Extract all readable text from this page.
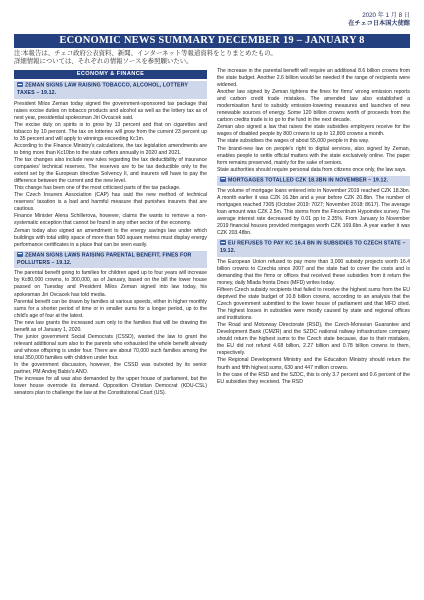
2020 年 1 月 8 日
在チェコ日本国大使館
ECONOMIC NEWS SUMMARY DECEMBER 19 – JANUARY 8
注:本報告は、チェコ政府公表資料、新聞、インターネット等報道資料をとりまとめたもの。
詳細情報については、それぞれの情報ソースを参照願いたい。
ECONOMY & FINANCE
ZEMAN SIGNS LAW RAISING TOBACCO, ALCOHOL, LOTTERY TAXES – 19.12.

President Milos Zeman today signed the government-sponsored tax package that raises excise duties on tobacco products and alcohol as well as the lottery tax as of next year, presidential spokesman Jiri Ovcacek said.

The excise duty on spirits is to grow by 13 percent and that on cigarettes and tobacco by 10 percent. The tax on lotteries will grow from the current 23 percent up to 35 percent and will apply to winnings exceeding Kc1m.

According to the Finance Ministry's calculations, the tax legislation amendments are to bring more than Kc10bn to the state coffers annually in 2020 and 2021.

The tax changes also include new rules regarding the tax deductibility of insurance companies' technical reserves. The reserves are to be tax deductible only to the extent set by the European directive Solvency II, and insurers will have to pay the difference between the current and the new level.

This change has been one of the most criticised parts of the tax package.

The Czech Insurers Association (CAP) has said the new method of technical reserves' taxation is a bad and harmful measure that punishes insurers that are cautious.

Finance Minister Alena Schillerova, however, claims the wants to remove a non-systematic exception that cannot be found in any other sector of the economy.

Zeman today also signed an amendment to the energy savings law under which buildings with total utility space of more than 500 square metres must display energy performance certificates in a place that can be seen easily.

ZEMAN SIGNS LAWS RAISING PARENTAL BENEFIT, FINES FOR POLLUTERS – 19.12.

The parental benefit going to families for children aged up to four years will increase by Kc80,000 crowns, to 300,000, as of January, based on the bill the lower house passed on Tuesday and President Milos Zeman signed into law today, his spokesman Jiri Ovcacek has told media.

Parental benefit can be drawn by families at various speeds, either in higher monthly sums for a shorter period of time or in smaller sums for a longer period, up to the child's age of four at the latest.

The new law grants the increased sum only to the families that will be drawing the benefit as of January 1, 2020.

The junior government Social Democrats (CSSD), wanted the law to grant the relevant additional sum also to the parents who exhausted the whole benefit already and whose offspring is under four. There are about 70,000 such families among the total 350,000 families with children under four.

In the government discussion, however, the CSSD was outvoted by its senior partner, PM Andrej Babis's ANO.

The increase for all was also demanded by the upper house of parliament, but the lower house overrode its demand. Opposition Christian Democrat (KDU-CSL) senators plan to challenge the law at the Constitutional Court (US).

The increase in the parental benefit will require an additional 8.6 billion crowns from the state budget. Another 2.6 billion would be needed if the range of recipients were widened.

Another law signed by Zeman tightens the fines for firms' wrong emission reports and carbon credit trade mistakes. The amended law also established a modernisation fund to subsidy emission-lowering measures and launches of new renewable sources of energy. Some 120 billion crowns worth of proceeds from the carbon credits trade is to go to the fund in the next decade.

Zeman also signed a law that raises the state subsidies employers receive for the wages of disabled people by 800 crowns to up to 12,800 crowns a month.

The state subsidises the wages of about 55,000 people in this way.

The brand-new law on people's right to digital services, also signed by Zeman, enables people to settle official matters with the state exclusively online. The paper form remains preserved, mainly for the sake of seniors.

State authorities should require personal data from citizens once only, the law says.

MORTGAGES TOTALLED CZK 18.3BN IN NOVEMBER – 19.12.

The volume of mortgage loans entered into in November 2019 reached CZK 18.3bn. A month earlier it was CZK 16.3bn and a year before CZK 20.8bn. The number of mortgages reached 7305 (October 2019: 7027; November 2018: 8617). The average loan amount was CZK 2.5m. This stems from the Fincentrum Hypoindex survey. The average interest rate decreased by 0.01 pp to 2.35%. From January to November 2019 financial houses provided mortgages worth CZK 169.6bn. A year earlier it was CZK 203.48bn.

EU REFUSES TO PAY KC 16.4 BN IN SUBSIDIES TO CZECH STATE – 19.12.

The European Union refused to pay more than 3,000 subsidy projects worth 16.4 billion crowns to Czechia since 2007 and the state had to cover the costs and is demanding that the firms or offices that received these subsidies from it return the money, daily Mlada fronta Dnes (MFD) writes today.

Fifteen Czech subsidy recipients that failed to receive the highest sums from the EU deprived the state budget of 10.8 billion crowns, according to an analysis that the Czech government submitted to the lower house of parliament and that MFD cited. The highest losses in subsidies were mostly caused by state and regional offices and institutions.

The Road and Motorway Directorate (RSD), the Czech-Moravian Guarantee and Development Bank (CMZR) and the SZDC national railway infrastructure company should return the highest sums to the Czech state because, due to their mistakes, the EU did not refund 4.68 billion, 2.27 billion and 0.78 billion crowns to them, respectively.

The Regional Development Ministry and the Education Ministry should return the fourth and fifth highest sums, 630 and 447 million crowns.

In the case of the RSD and the SZDC, this is only 3.7 percent and 0.6 percent of the EU subsidies they received. The RSD
